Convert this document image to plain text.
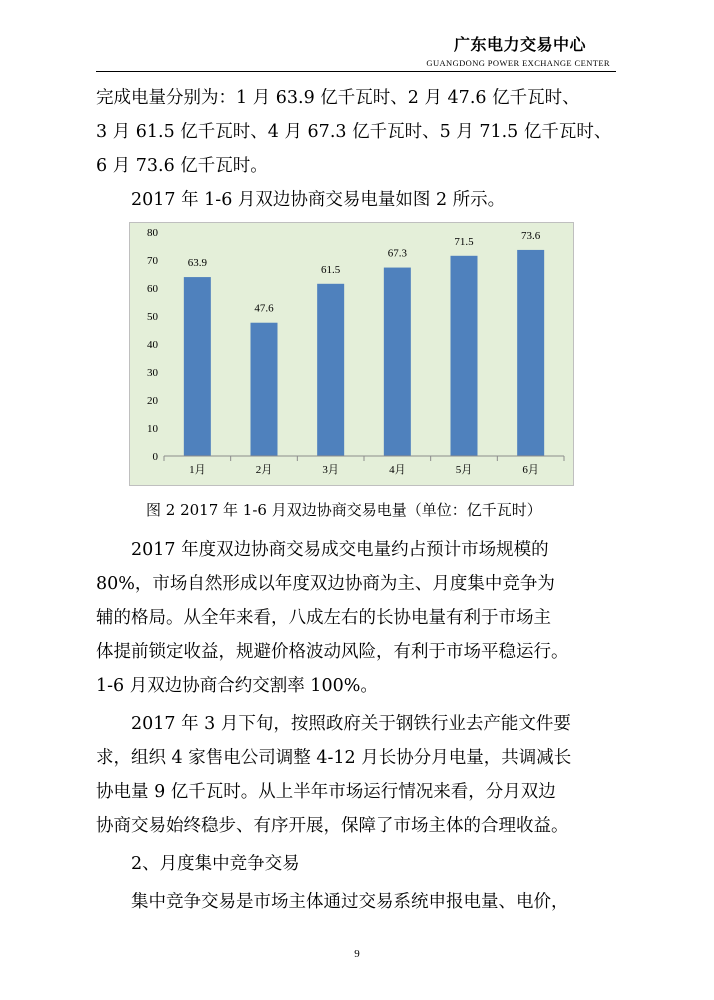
广东电力交易中心
GUANGDONG POWER EXCHANGE CENTER

完成电量分别为：1 月 63.9 亿千瓦时、2 月 47.6 亿千瓦时、

3 月 61.5 亿千瓦时、4 月 67.3 亿千瓦时、5 月 71.5 亿千瓦时、

6 月 73.6 亿千瓦时。

2017 年 1-6 月双边协商交易电量如图 2 所示。

0
10
20
30
40
50
60
70
80
63.9
47.6
61.5
67.3
71.5	73.6
1月	2月	3月	4月	5月	6月

图 2 2017 年 1-6 月双边协商交易电量（单位：亿千瓦时）

2017 年度双边协商交易成交电量约占预计市场规模的

80%，市场自然形成以年度双边协商为主、月度集中竞争为

辅的格局。从全年来看，八成左右的长协电量有利于市场主

体提前锁定收益，规避价格波动风险，有利于市场平稳运行。

1-6 月双边协商合约交割率 100%。

2017 年 3 月下旬，按照政府关于钢铁行业去产能文件要

求，组织 4 家售电公司调整 4-12 月长协分月电量，共调减长

协电量 9 亿千瓦时。从上半年市场运行情况来看，分月双边

协商交易始终稳步、有序开展，保障了市场主体的合理收益。

2、月度集中竞争交易

集中竞争交易是市场主体通过交易系统申报电量、电价，

9
